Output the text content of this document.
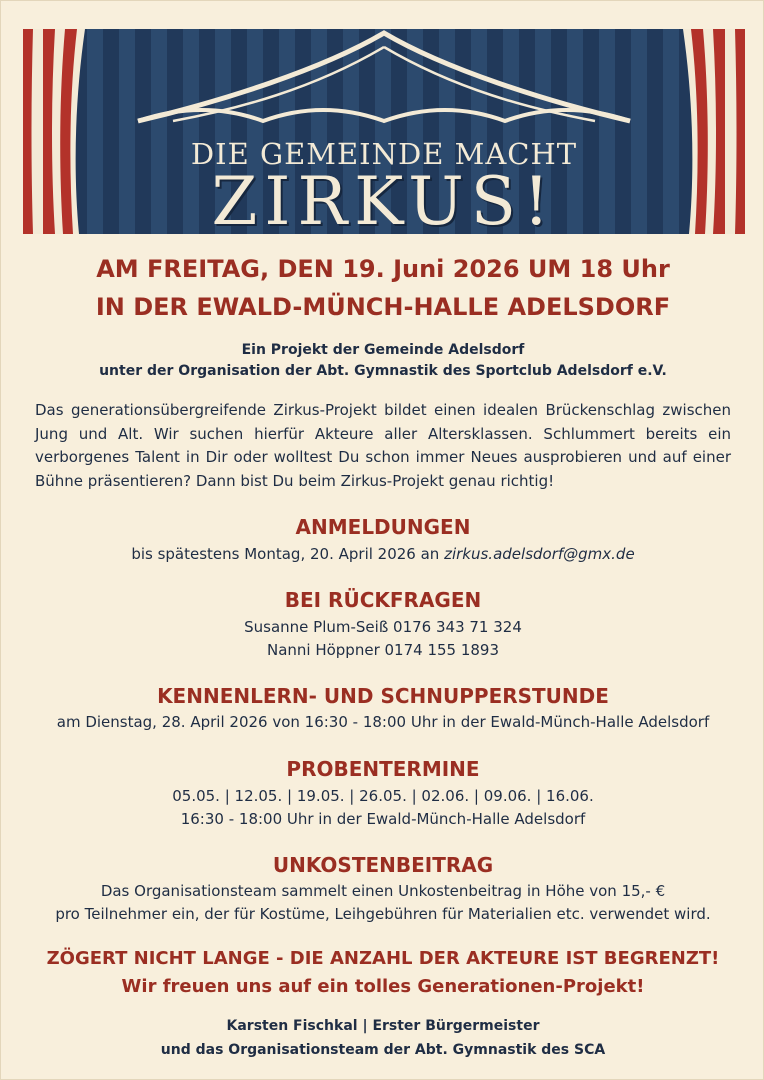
DIE GEMEINDE MACHT
ZIRKUS!
AM FREITAG, DEN 19. Juni 2026 UM 18 Uhr
IN DER EWALD-MÜNCH-HALLE ADELSDORF
Ein Projekt der Gemeinde Adelsdorf
unter der Organisation der Abt. Gymnastik des Sportclub Adelsdorf e.V.
Das generationsübergreifende Zirkus-Projekt bildet einen idealen Brückenschlag zwischen Jung und Alt. Wir suchen hierfür Akteure aller Altersklassen. Schlummert bereits ein verborgenes Talent in Dir oder wolltest Du schon immer Neues ausprobieren und auf einer Bühne präsentieren? Dann bist Du beim Zirkus-Projekt genau richtig!
ANMELDUNGEN
bis spätestens Montag, 20. April 2026 an zirkus.adelsdorf@gmx.de
BEI RÜCKFRAGEN
Susanne Plum-Seiß 0176 343 71 324
Nanni Höppner 0174 155 1893
KENNENLERN- UND SCHNUPPERSTUNDE
am Dienstag, 28. April 2026 von 16:30 - 18:00 Uhr in der Ewald-Münch-Halle Adelsdorf
PROBENTERMINE
05.05. | 12.05. | 19.05. | 26.05. | 02.06. | 09.06. | 16.06.
16:30 - 18:00 Uhr in der Ewald-Münch-Halle Adelsdorf
UNKOSTENBEITRAG
Das Organisationsteam sammelt einen Unkostenbeitrag in Höhe von 15,- €
pro Teilnehmer ein, der für Kostüme, Leihgebühren für Materialien etc. verwendet wird.
ZÖGERT NICHT LANGE - DIE ANZAHL DER AKTEURE IST BEGRENZT!
Wir freuen uns auf ein tolles Generationen-Projekt!
Karsten Fischkal | Erster Bürgermeister
und das Organisationsteam der Abt. Gymnastik des SCA
